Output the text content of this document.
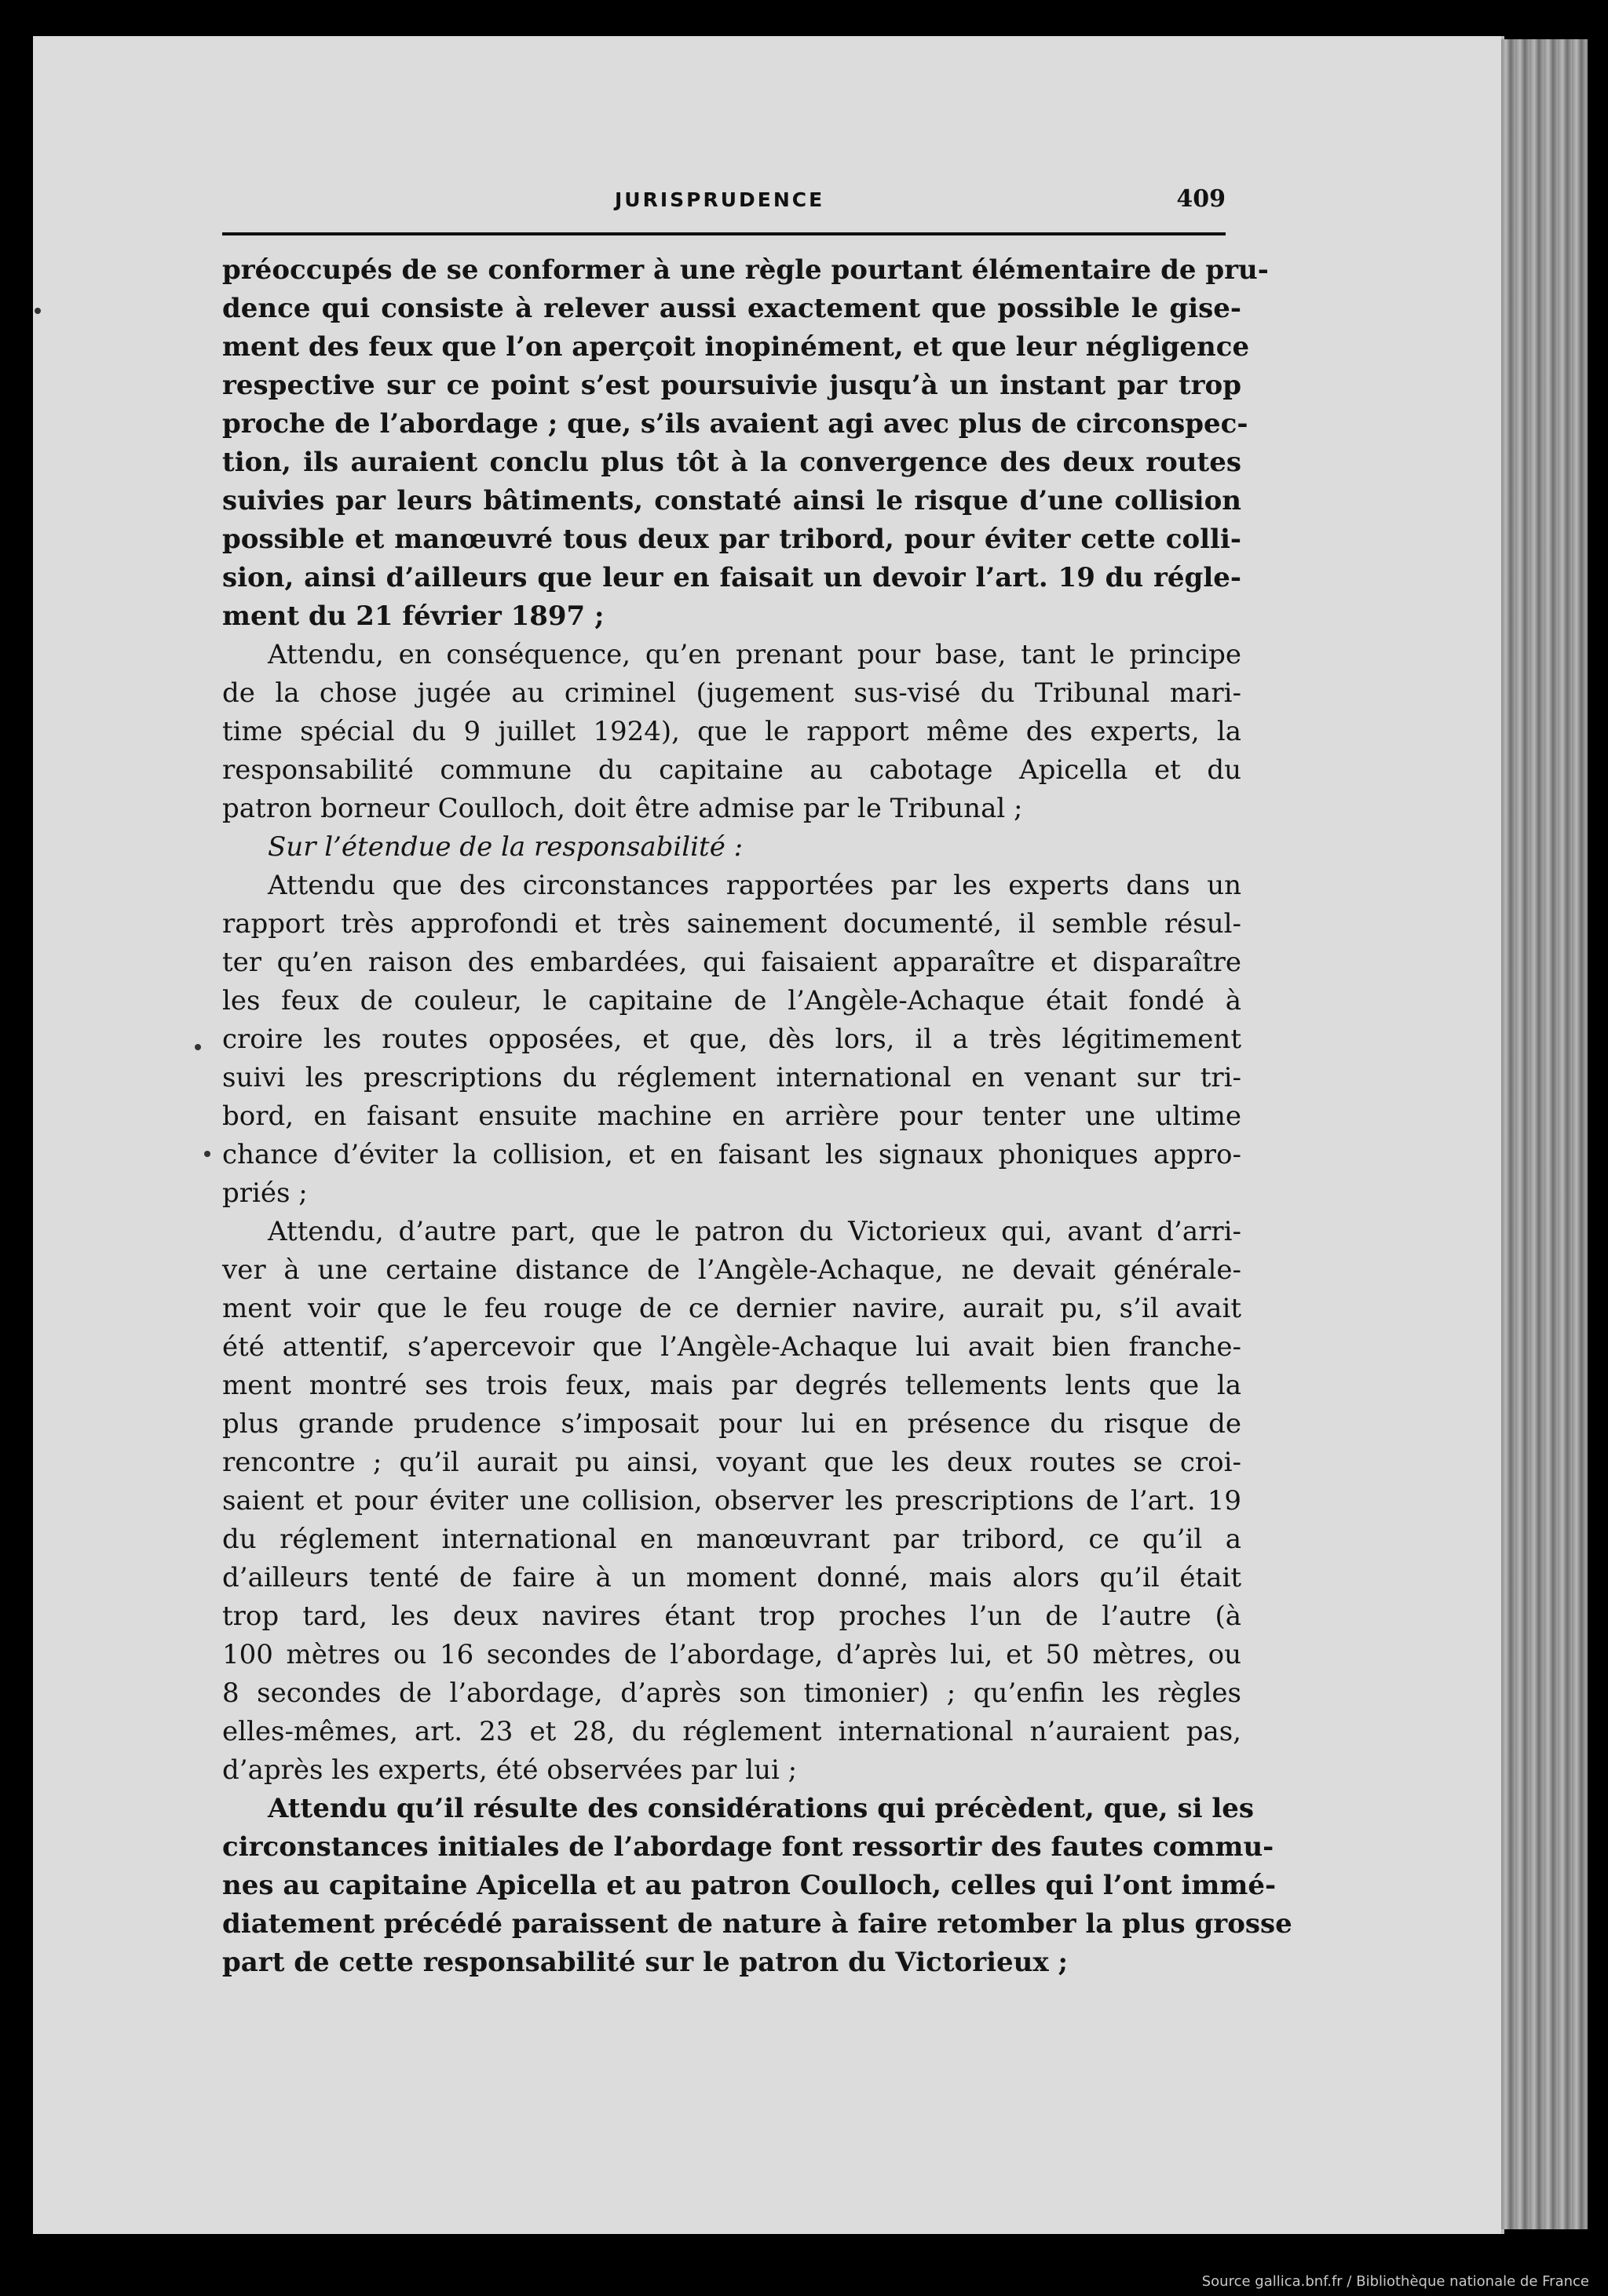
JURISPRUDENCE	409
préoccupés de se conformer à une règle pourtant élémentaire de pru-
dence qui consiste à relever aussi exactement que possible le gise-
ment des feux que l’on aperçoit inopinément, et que leur négligence
respective sur ce point s’est poursuivie jusqu’à un instant par trop
proche de l’abordage ; que, s’ils avaient agi avec plus de circonspec-
tion, ils auraient conclu plus tôt à la convergence des deux routes
suivies par leurs bâtiments, constaté ainsi le risque d’une collision
possible et manœuvré tous deux par tribord, pour éviter cette colli-
sion, ainsi d’ailleurs que leur en faisait un devoir l’art. 19 du régle-
ment du 21 février 1897 ;
Attendu, en conséquence, qu’en prenant pour base, tant le principe
de la chose jugée au criminel (jugement sus-visé du Tribunal mari-
time spécial du 9 juillet 1924), que le rapport même des experts, la
responsabilité commune du capitaine au cabotage Apicella et du
patron borneur Coulloch, doit être admise par le Tribunal ;
Sur l’étendue de la responsabilité :
Attendu que des circonstances rapportées par les experts dans un
rapport très approfondi et très sainement documenté, il semble résul-
ter qu’en raison des embardées, qui faisaient apparaître et disparaître
les feux de couleur, le capitaine de l’Angèle-Achaque était fondé à
croire les routes opposées, et que, dès lors, il a très légitimement
suivi les prescriptions du réglement international en venant sur tri-
bord, en faisant ensuite machine en arrière pour tenter une ultime
chance d’éviter la collision, et en faisant les signaux phoniques appro-
priés ;
Attendu, d’autre part, que le patron du Victorieux qui, avant d’arri-
ver à une certaine distance de l’Angèle-Achaque, ne devait générale-
ment voir que le feu rouge de ce dernier navire, aurait pu, s’il avait
été attentif, s’apercevoir que l’Angèle-Achaque lui avait bien franche-
ment montré ses trois feux, mais par degrés tellements lents que la
plus grande prudence s’imposait pour lui en présence du risque de
rencontre ; qu’il aurait pu ainsi, voyant que les deux routes se croi-
saient et pour éviter une collision, observer les prescriptions de l’art. 19
du réglement international en manœuvrant par tribord, ce qu’il a
d’ailleurs tenté de faire à un moment donné, mais alors qu’il était
trop tard, les deux navires étant trop proches l’un de l’autre (à
100 mètres ou 16 secondes de l’abordage, d’après lui, et 50 mètres, ou
8 secondes de l’abordage, d’après son timonier) ; qu’enfin les règles
elles-mêmes, art. 23 et 28, du réglement international n’auraient pas,
d’après les experts, été observées par lui ;
Attendu qu’il résulte des considérations qui précèdent, que, si les
circonstances initiales de l’abordage font ressortir des fautes commu-
nes au capitaine Apicella et au patron Coulloch, celles qui l’ont immé-
diatement précédé paraissent de nature à faire retomber la plus grosse
part de cette responsabilité sur le patron du Victorieux ;
Source gallica.bnf.fr / Bibliothèque nationale de France
